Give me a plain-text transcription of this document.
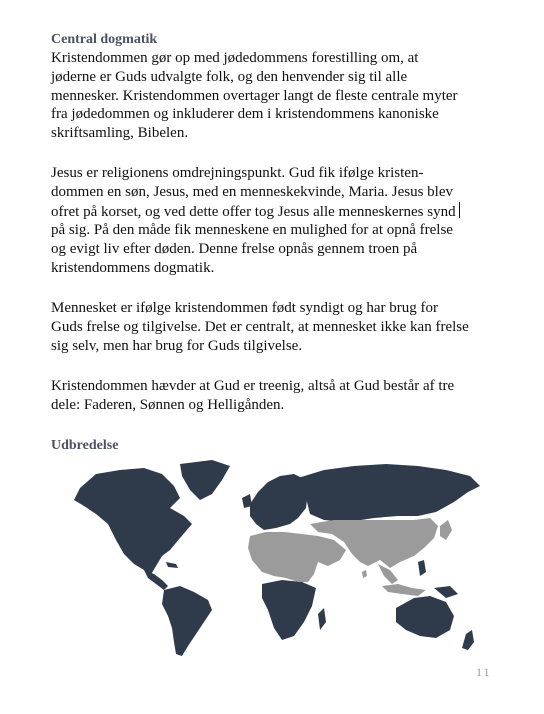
Central dogmatik
Kristendommen gør op med jødedommens forestilling om, at
jøderne er Guds udvalgte folk, og den henvender sig til alle
mennesker. Kristendommen overtager langt de fleste centrale myter
fra jødedommen og inkluderer dem i kristendommens kanoniske
skriftsamling, Bibelen.
Jesus er religionens omdrejningspunkt. Gud fik ifølge kristen-
dommen en søn, Jesus, med en menneskekvinde, Maria. Jesus blev
ofret på korset, og ved dette offer tog Jesus alle menneskernes synd
på sig. På den måde fik menneskene en mulighed for at opnå frelse
og evigt liv efter døden. Denne frelse opnås gennem troen på
kristendommens dogmatik.
Mennesket er ifølge kristendommen født syndigt og har brug for
Guds frelse og tilgivelse. Det er centralt, at mennesket ikke kan frelse
sig selv, men har brug for Guds tilgivelse.
Kristendommen hævder at Gud er treenig, altså at Gud består af tre
dele: Faderen, Sønnen og Helligånden.
Udbredelse
11
